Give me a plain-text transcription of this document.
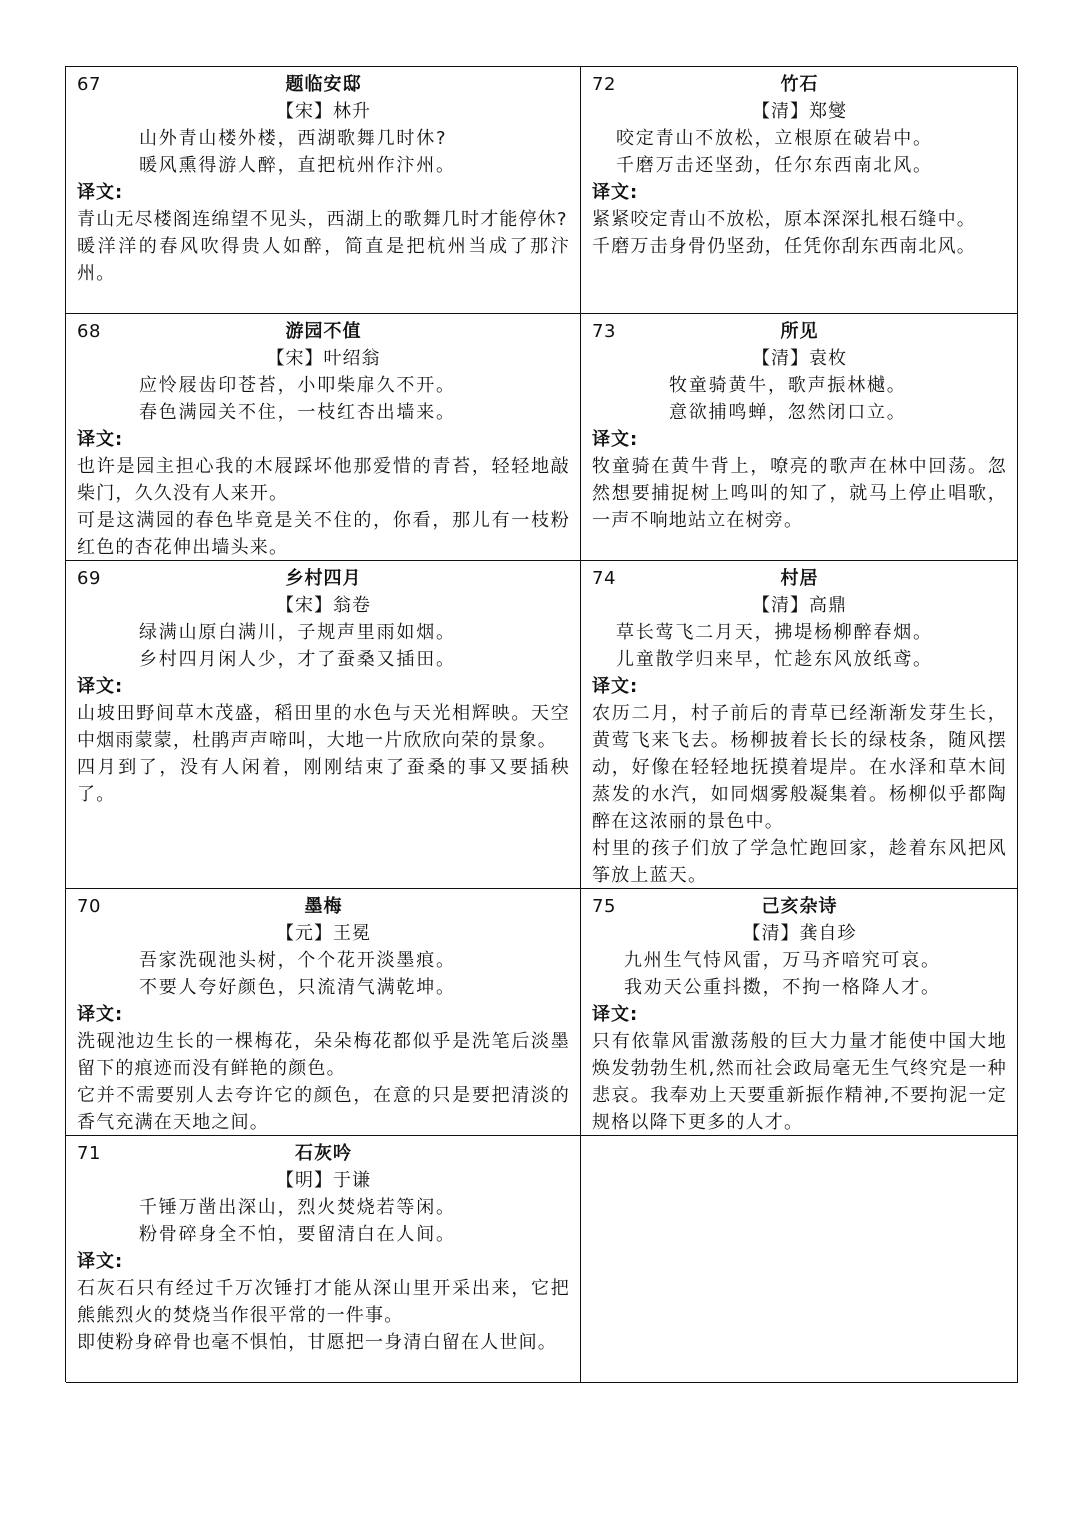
67	题临安邸
【宋】林升
山外青山楼外楼，西湖歌舞几时休?
暖风熏得游人醉，直把杭州作汴州。
译文:
青山无尽楼阁连绵望不见头，西湖上的歌舞几时才能停休?
暖洋洋的春风吹得贵人如醉，简直是把杭州当成了那汴州。
72	竹石
【清】郑燮
咬定青山不放松，立根原在破岩中。
千磨万击还坚劲，任尔东西南北风。
译文:
紧紧咬定青山不放松，原本深深扎根石缝中。
千磨万击身骨仍坚劲，任凭你刮东西南北风。
68	游园不值
【宋】叶绍翁
应怜屐齿印苍苔，小叩柴扉久不开。
春色满园关不住，一枝红杏出墙来。
译文:
也许是园主担心我的木屐踩坏他那爱惜的青苔，轻轻地敲柴门，久久没有人来开。
可是这满园的春色毕竟是关不住的，你看，那儿有一枝粉红色的杏花伸出墙头来。
73	所见
【清】袁枚
牧童骑黄牛，歌声振林樾。
意欲捕鸣蝉，忽然闭口立。
译文:
牧童骑在黄牛背上，嘹亮的歌声在林中回荡。忽然想要捕捉树上鸣叫的知了，就马上停止唱歌，一声不响地站立在树旁。
69	乡村四月
【宋】翁卷
绿满山原白满川，子规声里雨如烟。
乡村四月闲人少，才了蚕桑又插田。
译文:
山坡田野间草木茂盛，稻田里的水色与天光相辉映。天空中烟雨蒙蒙，杜鹃声声啼叫，大地一片欣欣向荣的景象。
四月到了，没有人闲着，刚刚结束了蚕桑的事又要插秧了。
74	村居
【清】高鼎
草长莺飞二月天，拂堤杨柳醉春烟。
儿童散学归来早，忙趁东风放纸鸢。
译文:
农历二月，村子前后的青草已经渐渐发芽生长，黄莺飞来飞去。杨柳披着长长的绿枝条，随风摆动，好像在轻轻地抚摸着堤岸。在水泽和草木间蒸发的水汽，如同烟雾般凝集着。杨柳似乎都陶醉在这浓丽的景色中。
村里的孩子们放了学急忙跑回家，趁着东风把风筝放上蓝天。
70	墨梅
【元】王冕
吾家洗砚池头树，个个花开淡墨痕。
不要人夸好颜色，只流清气满乾坤。
译文:
洗砚池边生长的一棵梅花，朵朵梅花都似乎是洗笔后淡墨留下的痕迹而没有鲜艳的颜色。
它并不需要别人去夸许它的颜色，在意的只是要把清淡的香气充满在天地之间。
75	己亥杂诗
【清】龚自珍
九州生气恃风雷，万马齐喑究可哀。
我劝天公重抖擞，不拘一格降人才。
译文:
只有依靠风雷激荡般的巨大力量才能使中国大地焕发勃勃生机,然而社会政局毫无生气终究是一种悲哀。我奉劝上天要重新振作精神,不要拘泥一定规格以降下更多的人才。
71	石灰吟
【明】于谦
千锤万凿出深山，烈火焚烧若等闲。
粉骨碎身全不怕，要留清白在人间。
译文:
石灰石只有经过千万次锤打才能从深山里开采出来，它把熊熊烈火的焚烧当作很平常的一件事。
即使粉身碎骨也毫不惧怕，甘愿把一身清白留在人世间。
